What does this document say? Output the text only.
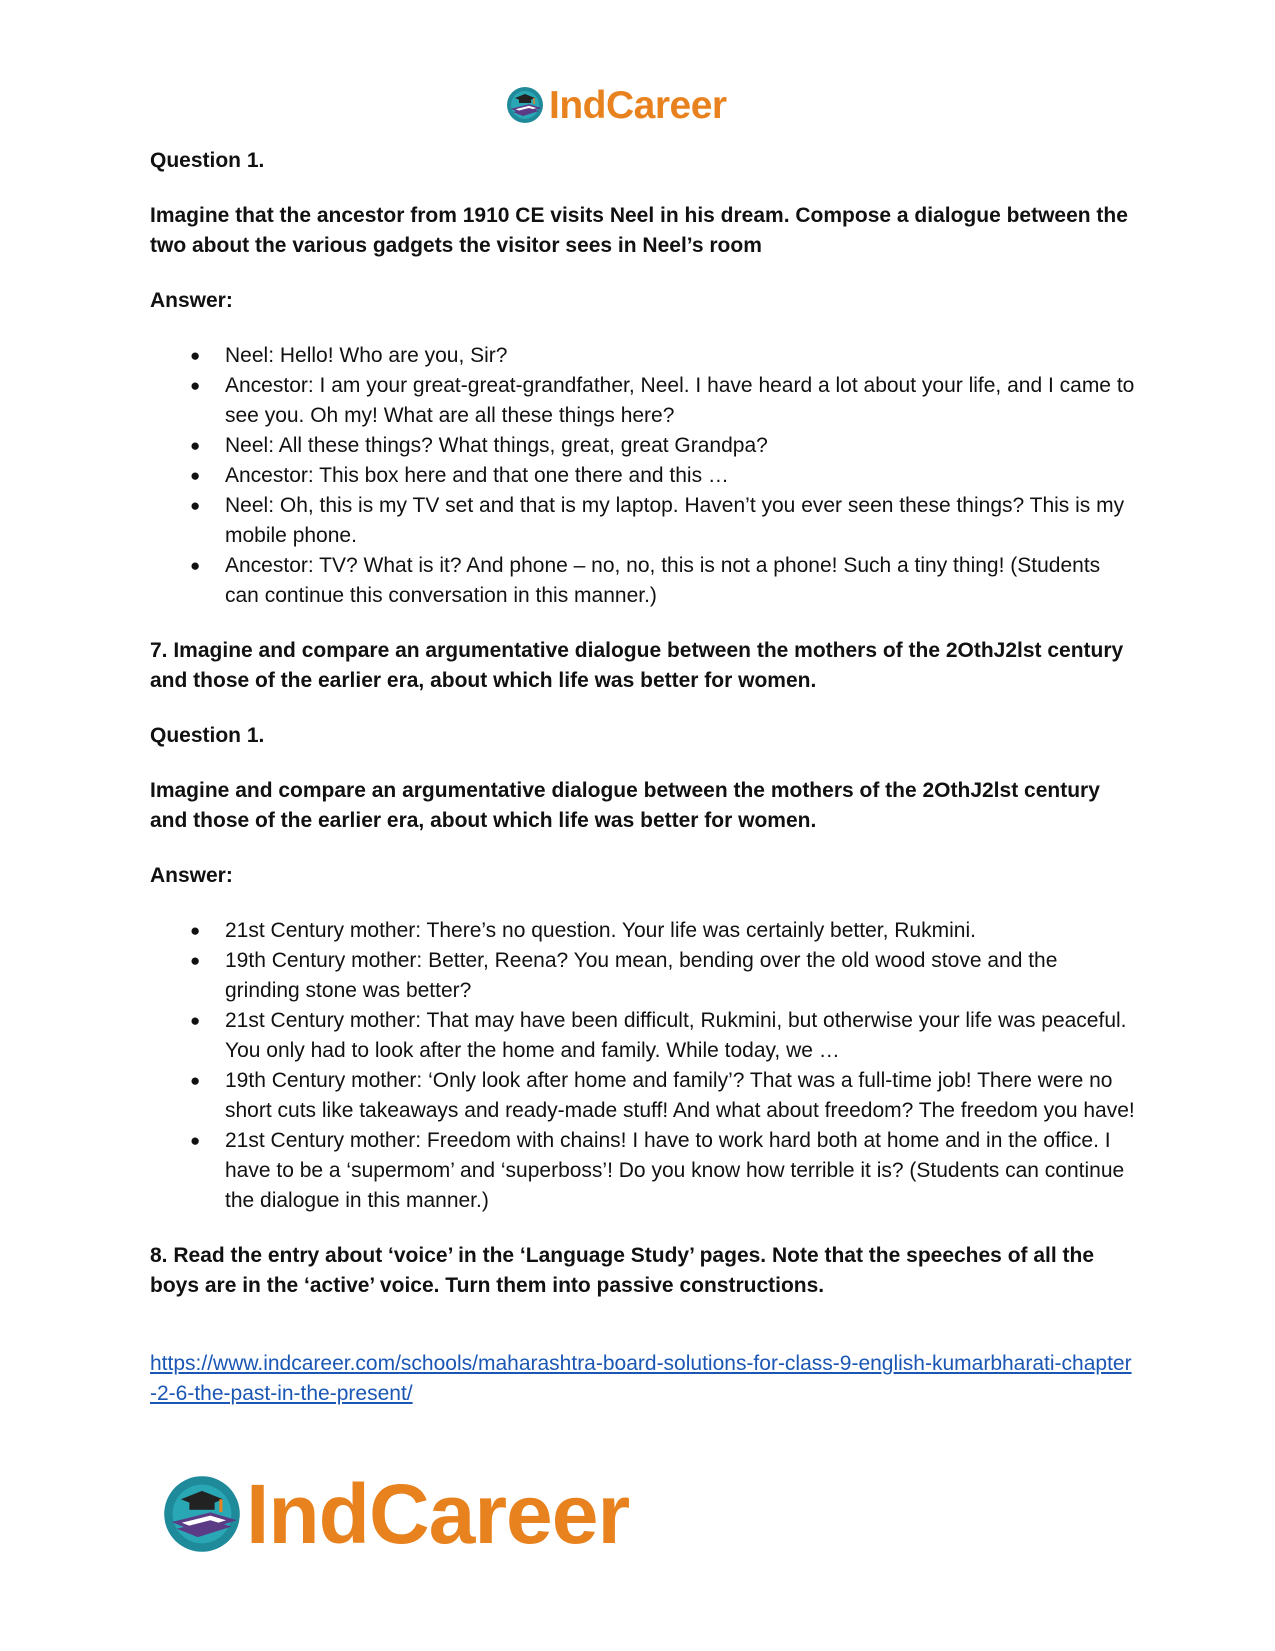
IndCareer

Question 1.

Imagine that the ancestor from 1910 CE visits Neel in his dream. Compose a dialogue between the two about the various gadgets the visitor sees in Neel’s room

Answer:

● Neel: Hello! Who are you, Sir?
● Ancestor: I am your great-great-grandfather, Neel. I have heard a lot about your life, and I came to see you. Oh my! What are all these things here?
● Neel: All these things? What things, great, great Grandpa?
● Ancestor: This box here and that one there and this …
● Neel: Oh, this is my TV set and that is my laptop. Haven’t you ever seen these things? This is my mobile phone.
● Ancestor: TV? What is it? And phone – no, no, this is not a phone! Such a tiny thing! (Students can continue this conversation in this manner.)

7. Imagine and compare an argumentative dialogue between the mothers of the 2OthJ2lst century and those of the earlier era, about which life was better for women.

Question 1.

Imagine and compare an argumentative dialogue between the mothers of the 2OthJ2lst century and those of the earlier era, about which life was better for women.

Answer:

● 21st Century mother: There’s no question. Your life was certainly better, Rukmini.
● 19th Century mother: Better, Reena? You mean, bending over the old wood stove and the grinding stone was better?
● 21st Century mother: That may have been difficult, Rukmini, but otherwise your life was peaceful. You only had to look after the home and family. While today, we …
● 19th Century mother: ‘Only look after home and family’? That was a full-time job! There were no short cuts like takeaways and ready-made stuff! And what about freedom? The freedom you have!
● 21st Century mother: Freedom with chains! I have to work hard both at home and in the office. I have to be a ‘supermom’ and ‘superboss’! Do you know how terrible it is? (Students can continue the dialogue in this manner.)

8. Read the entry about ‘voice’ in the ‘Language Study’ pages. Note that the speeches of all the boys are in the ‘active’ voice. Turn them into passive constructions.

https://www.indcareer.com/schools/maharashtra-board-solutions-for-class-9-english-kumarbharati-chapter-2-6-the-past-in-the-present/
IndCareer
